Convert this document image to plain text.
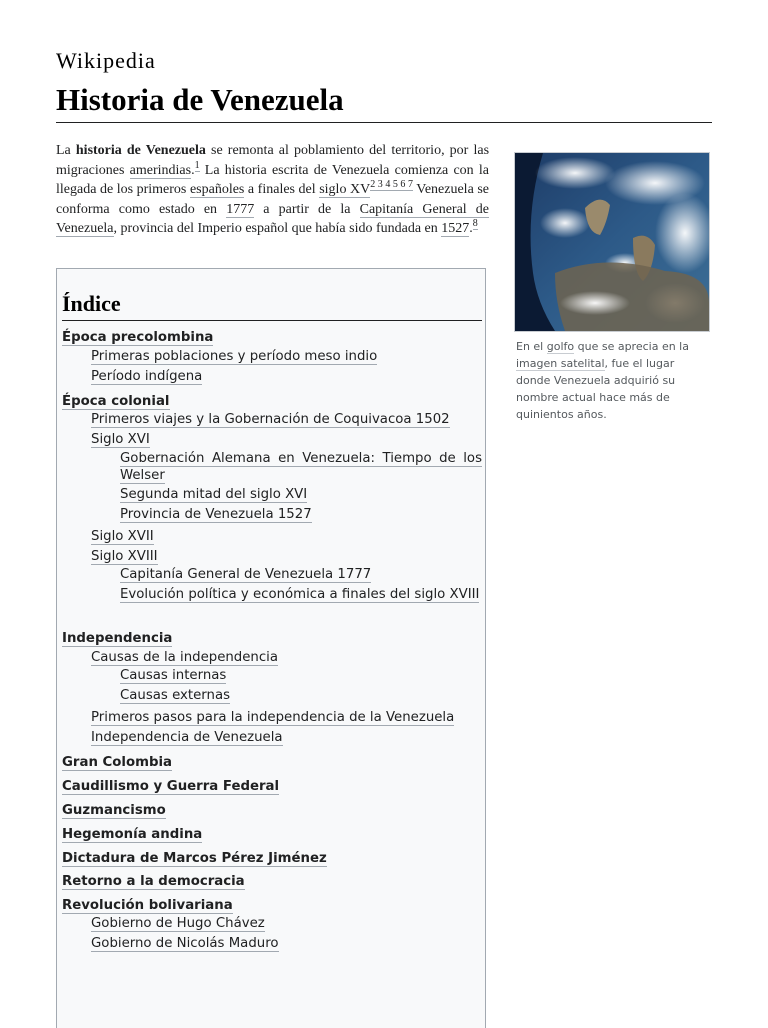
Wikipedia
Historia de Venezuela
La historia de Venezuela se remonta al poblamiento del territorio, por las migraciones amerindias.$^1$ La historia escrita de Venezuela comienza con la llegada de los primeros españoles a finales del siglo $XV^{2 3 4 5 6 7}$ Venezuela se conforma como estado en 1777 a partir de la Capitanía General de Venezuela, provincia del Imperio español que había sido fundada en 1527.$^8$
En el golfo que se aprecia en la imagen satelital, fue el lugar donde Venezuela adquirió su nombre actual hace más de quinientos años.
Índice
Época precolombina
Primeras poblaciones y período meso indio
Período indígena
Época colonial
Primeros viajes y la Gobernación de Coquivacoa 1502
Siglo XVI
Gobernación Alemana en Venezuela: Tiempo de los Welser
Segunda mitad del siglo XVI
Provincia de Venezuela 1527
Siglo XVII
Siglo XVIII
Capitanía General de Venezuela 1777
Evolución política y económica a finales del siglo XVIII
Independencia
Causas de la independencia
Causas internas
Causas externas
Primeros pasos para la independencia de la Venezuela
Independencia de Venezuela
Gran Colombia
Caudillismo y Guerra Federal
Guzmancismo
Hegemonía andina
Dictadura de Marcos Pérez Jiménez
Retorno a la democracia
Revolución bolivariana
Gobierno de Hugo Chávez
Gobierno de Nicolás Maduro
